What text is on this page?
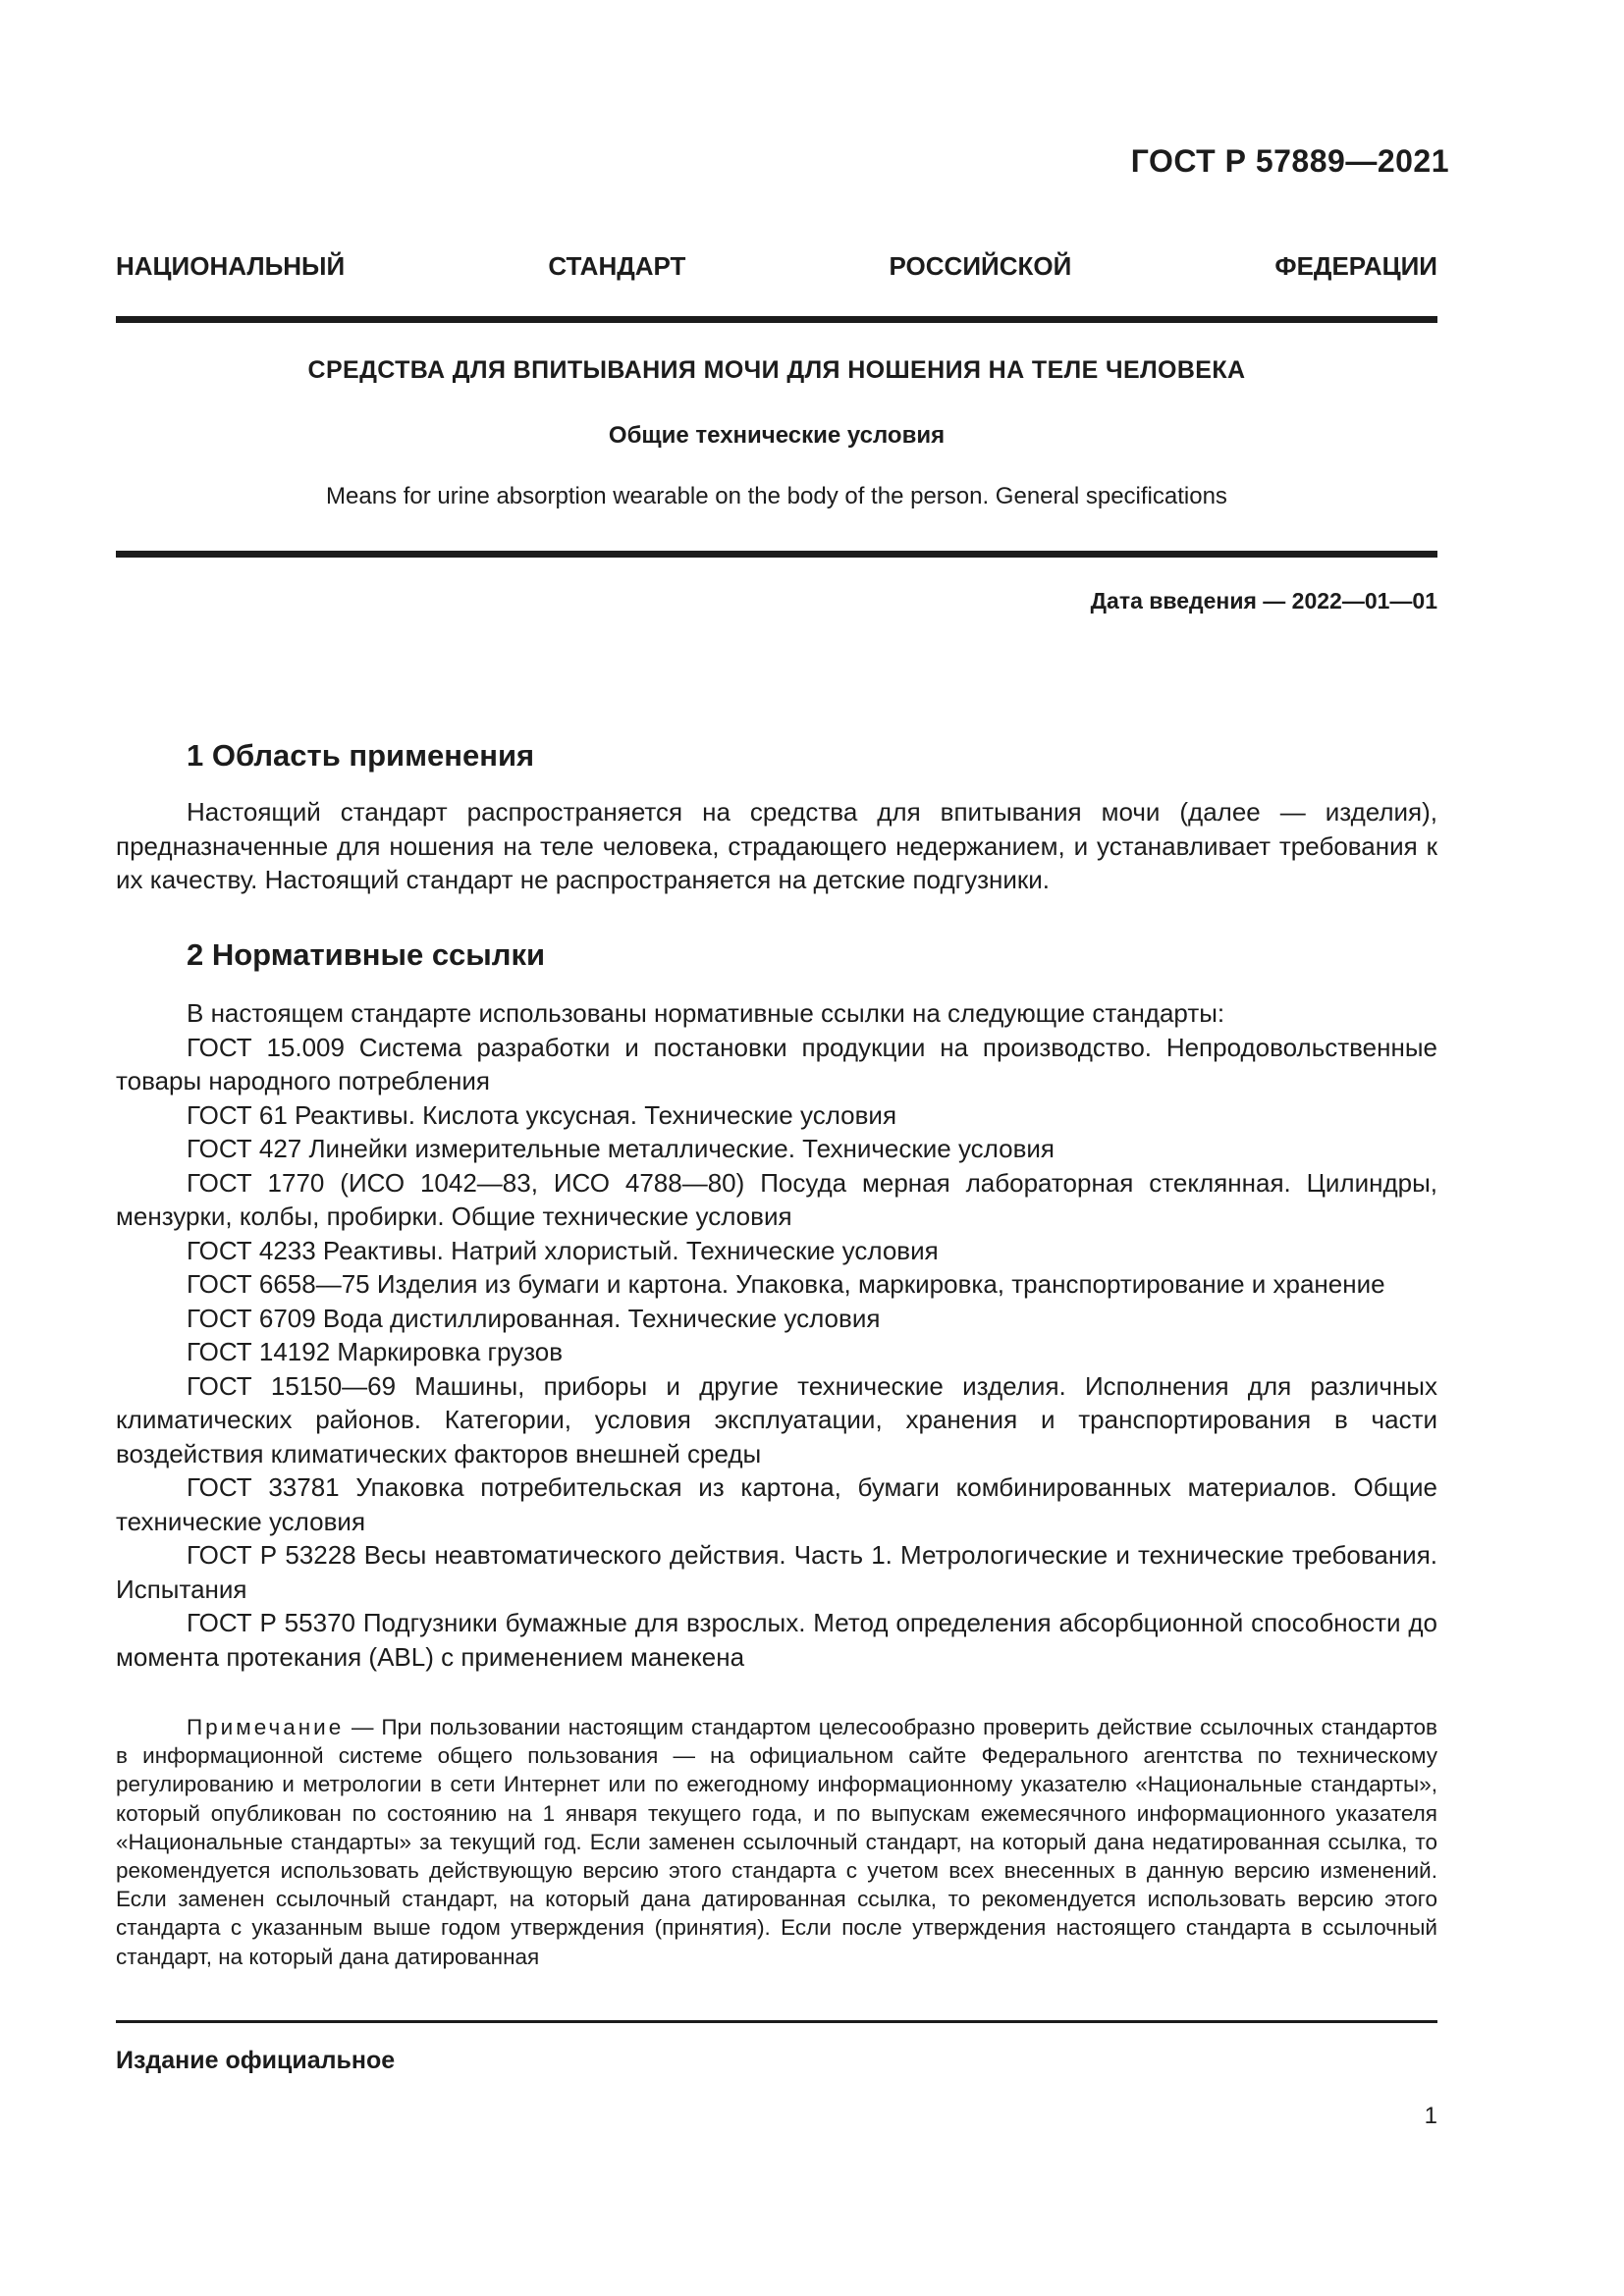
ГОСТ Р 57889—2021
НАЦИОНАЛЬНЫЙ	СТАНДАРТ	РОССИЙСКОЙ	ФЕДЕРАЦИИ
СРЕДСТВА ДЛЯ ВПИТЫВАНИЯ МОЧИ ДЛЯ НОШЕНИЯ НА ТЕЛЕ ЧЕЛОВЕКА
Общие технические условия
Means for urine absorption wearable on the body of the person. General specifications
Дата введения — 2022—01—01
1 Область применения

Настоящий стандарт распространяется на средства для впитывания мочи (далее — изделия), предназначенные для ношения на теле человека, страдающего недержанием, и устанавливает требования к их качеству. Настоящий стандарт не распространяется на детские подгузники.

2 Нормативные ссылки

В настоящем стандарте использованы нормативные ссылки на следующие стандарты:

ГОСТ 15.009 Система разработки и постановки продукции на производство. Непродовольственные товары народного потребления

ГОСТ 61 Реактивы. Кислота уксусная. Технические условия

ГОСТ 427 Линейки измерительные металлические. Технические условия

ГОСТ 1770 (ИСО 1042—83, ИСО 4788—80) Посуда мерная лабораторная стеклянная. Цилиндры, мензурки, колбы, пробирки. Общие технические условия

ГОСТ 4233 Реактивы. Натрий хлористый. Технические условия

ГОСТ 6658—75 Изделия из бумаги и картона. Упаковка, маркировка, транспортирование и хранение

ГОСТ 6709 Вода дистиллированная. Технические условия

ГОСТ 14192 Маркировка грузов

ГОСТ 15150—69 Машины, приборы и другие технические изделия. Исполнения для различных климатических районов. Категории, условия эксплуатации, хранения и транспортирования в части воздействия климатических факторов внешней среды

ГОСТ 33781 Упаковка потребительская из картона, бумаги комбинированных материалов. Общие технические условия

ГОСТ Р 53228 Весы неавтоматического действия. Часть 1. Метрологические и технические требования. Испытания

ГОСТ Р 55370 Подгузники бумажные для взрослых. Метод определения абсорбционной способности до момента протекания (ABL) с применением манекена

Примечание — При пользовании настоящим стандартом целесообразно проверить действие ссылочных стандартов в информационной системе общего пользования — на официальном сайте Федерального агентства по техническому регулированию и метрологии в сети Интернет или по ежегодному информационному указателю «Национальные стандарты», который опубликован по состоянию на 1 января текущего года, и по выпускам ежемесячного информационного указателя «Национальные стандарты» за текущий год. Если заменен ссылочный стандарт, на который дана недатированная ссылка, то рекомендуется использовать действующую версию этого стандарта с учетом всех внесенных в данную версию изменений. Если заменен ссылочный стандарт, на который дана датированная ссылка, то рекомендуется использовать версию этого стандарта с указанным выше годом утверждения (принятия). Если после утверждения настоящего стандарта в ссылочный стандарт, на который дана датированная

Издание официальное
1
